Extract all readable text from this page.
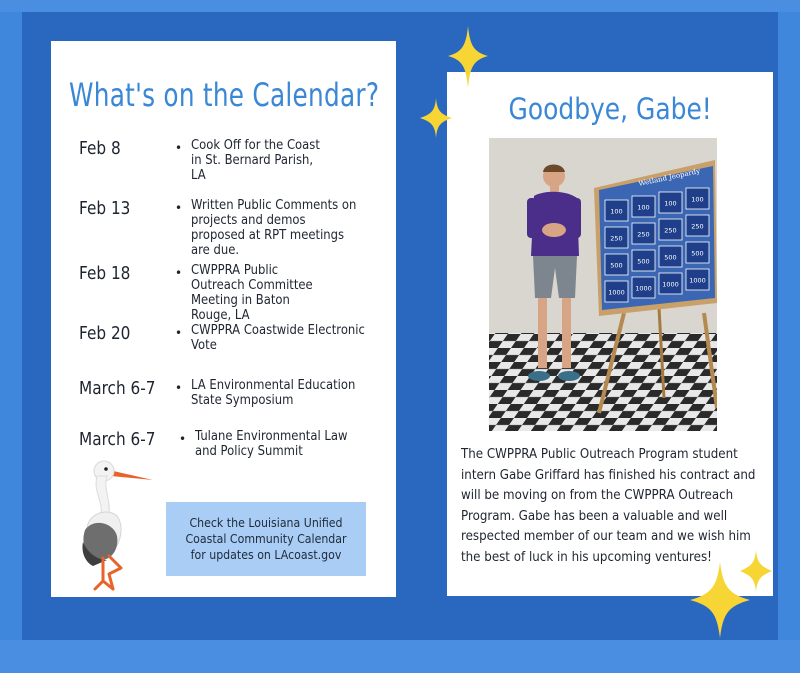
What's on the Calendar?
Feb 8	• Cook Off for the Coast in St. Bernard Parish, LA
Feb 13	• Written Public Comments on projects and demos proposed at RPT meetings are due.
Feb 18	• CWPPRA Public Outreach Committee Meeting in Baton Rouge, LA
Feb 20	• CWPPRA Coastwide Electronic Vote
March 6-7 • LA Environmental Education State Symposium
March 6-7 • Tulane Environmental Law and Policy Summit
Check the Louisiana Unified Coastal Community Calendar for updates on LAcoast.gov
Goodbye, Gabe!
Wetland Jeopardy
100 100 100 100
250 250 250 250
500 500 500 500
1000 1000 1000 1000
The CWPPRA Public Outreach Program student intern Gabe Griffard has finished his contract and will be moving on from the CWPPRA Outreach Program. Gabe has been a valuable and well respected member of our team and we wish him the best of luck in his upcoming ventures!
